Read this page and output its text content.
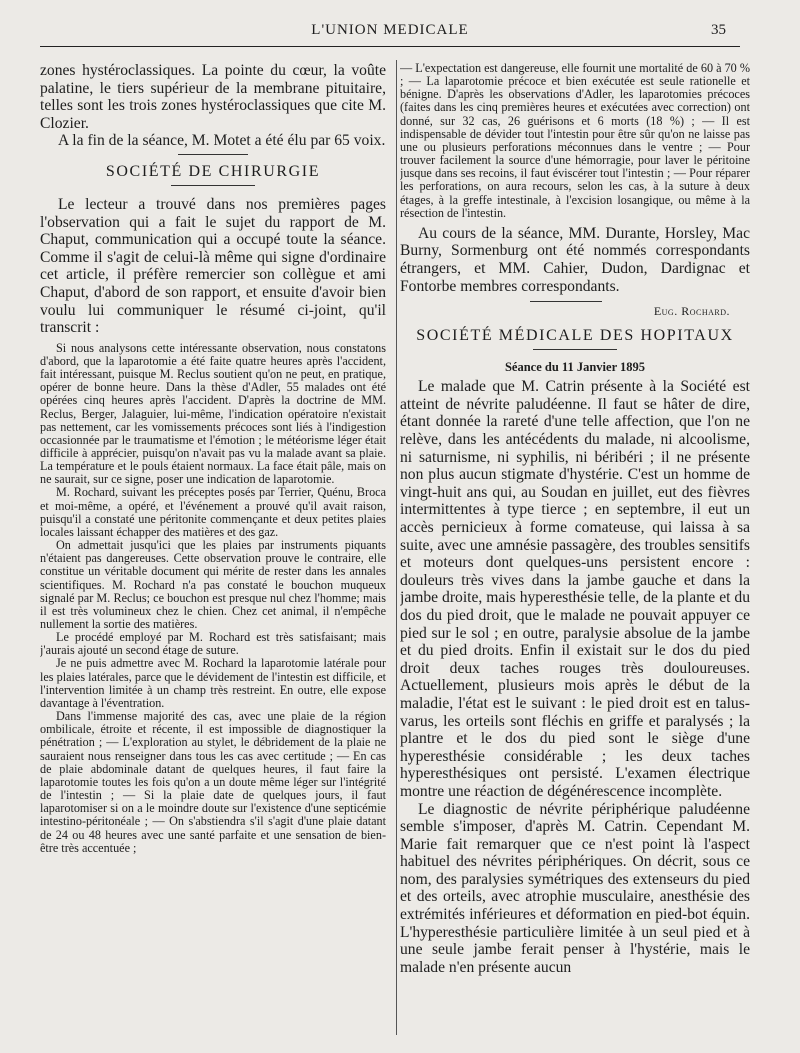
L'UNION MEDICALE	35

zones hystéroclassiques. La pointe du cœur, la voûte palatine, le tiers supérieur de la membrane pituitaire, telles sont les trois zones hystéroclassiques que cite M. Clozier.

A la fin de la séance, M. Motet a été élu par 65 voix.

SOCIÉTÉ DE CHIRURGIE

Le lecteur a trouvé dans nos premières pages l'observation qui a fait le sujet du rapport de M. Chaput, communication qui a occupé toute la séance. Comme il s'agit de celui-là même qui signe d'ordinaire cet article, il préfère remercier son collègue et ami Chaput, d'abord de son rapport, et ensuite d'avoir bien voulu lui communiquer le résumé ci-joint, qu'il transcrit :

Si nous analysons cette intéressante observation, nous constatons d'abord, que la laparotomie a été faite quatre heures après l'accident, fait intéressant, puisque M. Reclus soutient qu'on ne peut, en pratique, opérer de bonne heure. Dans la thèse d'Adler, 55 malades ont été opérées cinq heures après l'accident. D'après la doctrine de MM. Reclus, Berger, Jalaguier, lui-même, l'indication opératoire n'existait pas nettement, car les vomissements précoces sont liés à l'indigestion occasionnée par le traumatisme et l'émotion ; le météorisme léger était difficile à apprécier, puisqu'on n'avait pas vu la malade avant sa plaie. La température et le pouls étaient normaux. La face était pâle, mais on ne saurait, sur ce signe, poser une indication de laparotomie.

M. Rochard, suivant les préceptes posés par Terrier, Quénu, Broca et moi-même, a opéré, et l'événement a prouvé qu'il avait raison, puisqu'il a constaté une péritonite commençante et deux petites plaies locales laissant échapper des matières et des gaz.

On admettait jusqu'ici que les plaies par instruments piquants n'étaient pas dangereuses. Cette observation prouve le contraire, elle constitue un véritable document qui mérite de rester dans les annales scientifiques. M. Rochard n'a pas constaté le bouchon muqueux signalé par M. Reclus; ce bouchon est presque nul chez l'homme; mais il est très volumineux chez le chien. Chez cet animal, il n'empêche nullement la sortie des matières.

Le procédé employé par M. Rochard est très satisfaisant; mais j'aurais ajouté un second étage de suture.

Je ne puis admettre avec M. Rochard la laparotomie latérale pour les plaies latérales, parce que le dévidement de l'intestin est difficile, et l'intervention limitée à un champ très restreint. En outre, elle expose davantage à l'éventration.

Dans l'immense majorité des cas, avec une plaie de la région ombilicale, étroite et récente, il est impossible de diagnostiquer la pénétration ; — L'exploration au stylet, le débridement de la plaie ne sauraient nous renseigner dans tous les cas avec certitude ; — En cas de plaie abdominale datant de quelques heures, il faut faire la laparotomie toutes les fois qu'on a un doute même léger sur l'intégrité de l'intestin ; — Si la plaie date de quelques jours, il faut laparotomiser si on a le moindre doute sur l'existence d'une septicémie intestino-péritonéale ; — On s'abstiendra s'il s'agit d'une plaie datant de 24 ou 48 heures avec une santé parfaite et une sensation de bien-être très accentuée ;

— L'expectation est dangereuse, elle fournit une mortalité de 60 à 70 % ; — La laparotomie précoce et bien exécutée est seule rationelle et bénigne. D'après les observations d'Adler, les laparotomies précoces (faites dans les cinq premières heures et exécutées avec correction) ont donné, sur 32 cas, 26 guérisons et 6 morts (18 %) ; — Il est indispensable de dévider tout l'intestin pour être sûr qu'on ne laisse pas une ou plusieurs perforations méconnues dans le ventre ; — Pour trouver facilement la source d'une hémorragie, pour laver le péritoine jusque dans ses recoins, il faut éviscérer tout l'intestin ; — Pour réparer les perforations, on aura recours, selon les cas, à la suture à deux étages, à la greffe intestinale, à l'excision losangique, ou même à la résection de l'intestin.

Au cours de la séance, MM. Durante, Horsley, Mac Burny, Sormenburg ont été nommés correspondants étrangers, et MM. Cahier, Dudon, Dardignac et Fontorbe membres correspondants.

Eug. Rochard.
SOCIÉTÉ MÉDICALE DES HOPITAUX
Séance du 11 Janvier 1895

Le malade que M. Catrin présente à la Société est atteint de névrite paludéenne. Il faut se hâter de dire, étant donnée la rareté d'une telle affection, que l'on ne relève, dans les antécédents du malade, ni alcoolisme, ni saturnisme, ni syphilis, ni béribéri ; il ne présente non plus aucun stigmate d'hystérie. C'est un homme de vingt-huit ans qui, au Soudan en juillet, eut des fièvres intermittentes à type tierce ; en septembre, il eut un accès pernicieux à forme comateuse, qui laissa à sa suite, avec une amnésie passagère, des troubles sensitifs et moteurs dont quelques-uns persistent encore : douleurs très vives dans la jambe gauche et dans la jambe droite, mais hyperesthésie telle, de la plante et du dos du pied droit, que le malade ne pouvait appuyer ce pied sur le sol ; en outre, paralysie absolue de la jambe et du pied droits. Enfin il existait sur le dos du pied droit deux taches rouges très douloureuses. Actuellement, plusieurs mois après le début de la maladie, l'état est le suivant : le pied droit est en talus-varus, les orteils sont fléchis en griffe et paralysés ; la plantre et le dos du pied sont le siège d'une hyperesthésie considérable ; les deux taches hyperesthésiques ont persisté. L'examen électrique montre une réaction de dégénérescence incomplète.

Le diagnostic de névrite périphérique paludéenne semble s'imposer, d'après M. Catrin. Cependant M. Marie fait remarquer que ce n'est point là l'aspect habituel des névrites périphériques. On décrit, sous ce nom, des paralysies symétriques des extenseurs du pied et des orteils, avec atrophie musculaire, anesthésie des extrémités inférieures et déformation en pied-bot équin. L'hyperesthésie particulière limitée à un seul pied et à une seule jambe ferait penser à l'hystérie, mais le malade n'en présente aucun
